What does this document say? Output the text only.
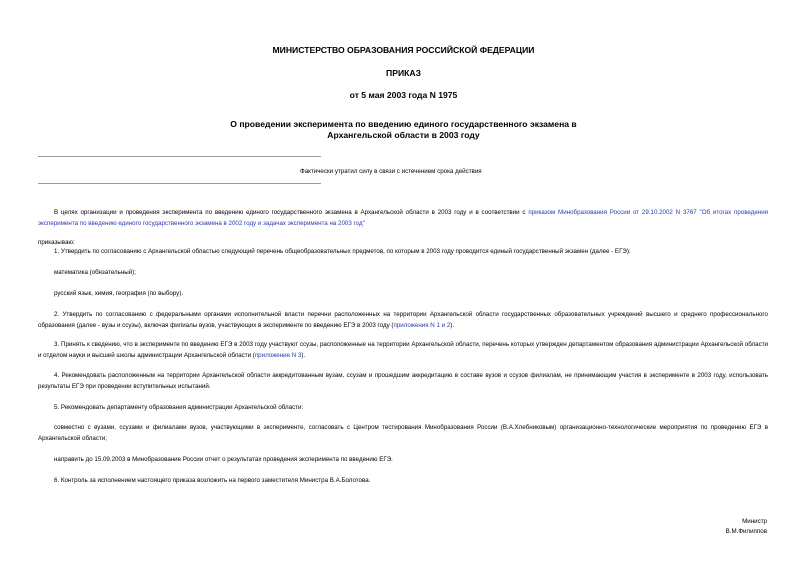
МИНИСТЕРСТВО ОБРАЗОВАНИЯ РОССИЙСКОЙ ФЕДЕРАЦИИ
ПРИКАЗ
от 5 мая 2003 года N 1975
О проведении эксперимента по введению единого государственного экзамена в
Архангельской области в 2003 году
Фактически утратил силу в связи с истечением срока действия
В целях организации и проведения эксперимента по введению единого государственного экзамена в Архангельской области в 2003 году и в соответствии с приказом Минобразования России от 29.10.2002 N 3767 "Об итогах проведения эксперимента по введению единого государственного экзамена в 2002 году и задачах эксперимента на 2003 год"
приказываю:
1. Утвердить по согласованию с Архангельской областью следующий перечень общеобразовательных предметов, по которым в 2003 году проводится единый государственный экзамен (далее - ЕГЭ):
математика (обязательный);
русский язык, химия, география (по выбору).
2. Утвердить по согласованию с федеральными органами исполнительной власти перечни расположенных на территории Архангельской области государственных образовательных учреждений высшего и среднего профессионального образования (далее - вузы и ссузы), включая филиалы вузов, участвующих в эксперименте по введению ЕГЭ в 2003 году (приложения N 1 и 2).
3. Принять к сведению, что в эксперименте по введению ЕГЭ в 2003 году участвуют ссузы, расположенные на территории Архангельской области, перечень которых утвержден департаментом образования администрации Архангельской области и отделом науки и высшей школы администрации Архангельской области (приложение N 3).
4. Рекомендовать расположенным на территории Архангельской области аккредитованным вузам, ссузам и прошедшим аккредитацию в составе вузов и ссузов филиалам, не принимающим участия в эксперименте в 2003 году, использовать результаты ЕГЭ при проведении вступительных испытаний.
5. Рекомендовать департаменту образования администрации Архангельской области:
совместно с вузами, ссузами и филиалами вузов, участвующими в эксперименте, согласовать с Центром тестирования Минобразования России (В.А.Хлебниковым) организационно-технологические мероприятия по проведению ЕГЭ в Архангельской области;
направить до 15.09.2003 в Минобразование России отчет о результатах проведения эксперимента по введению ЕГЭ.
6. Контроль за исполнением настоящего приказа возложить на первого заместителя Министра В.А.Болотова.
Министр
В.М.Филиппов
